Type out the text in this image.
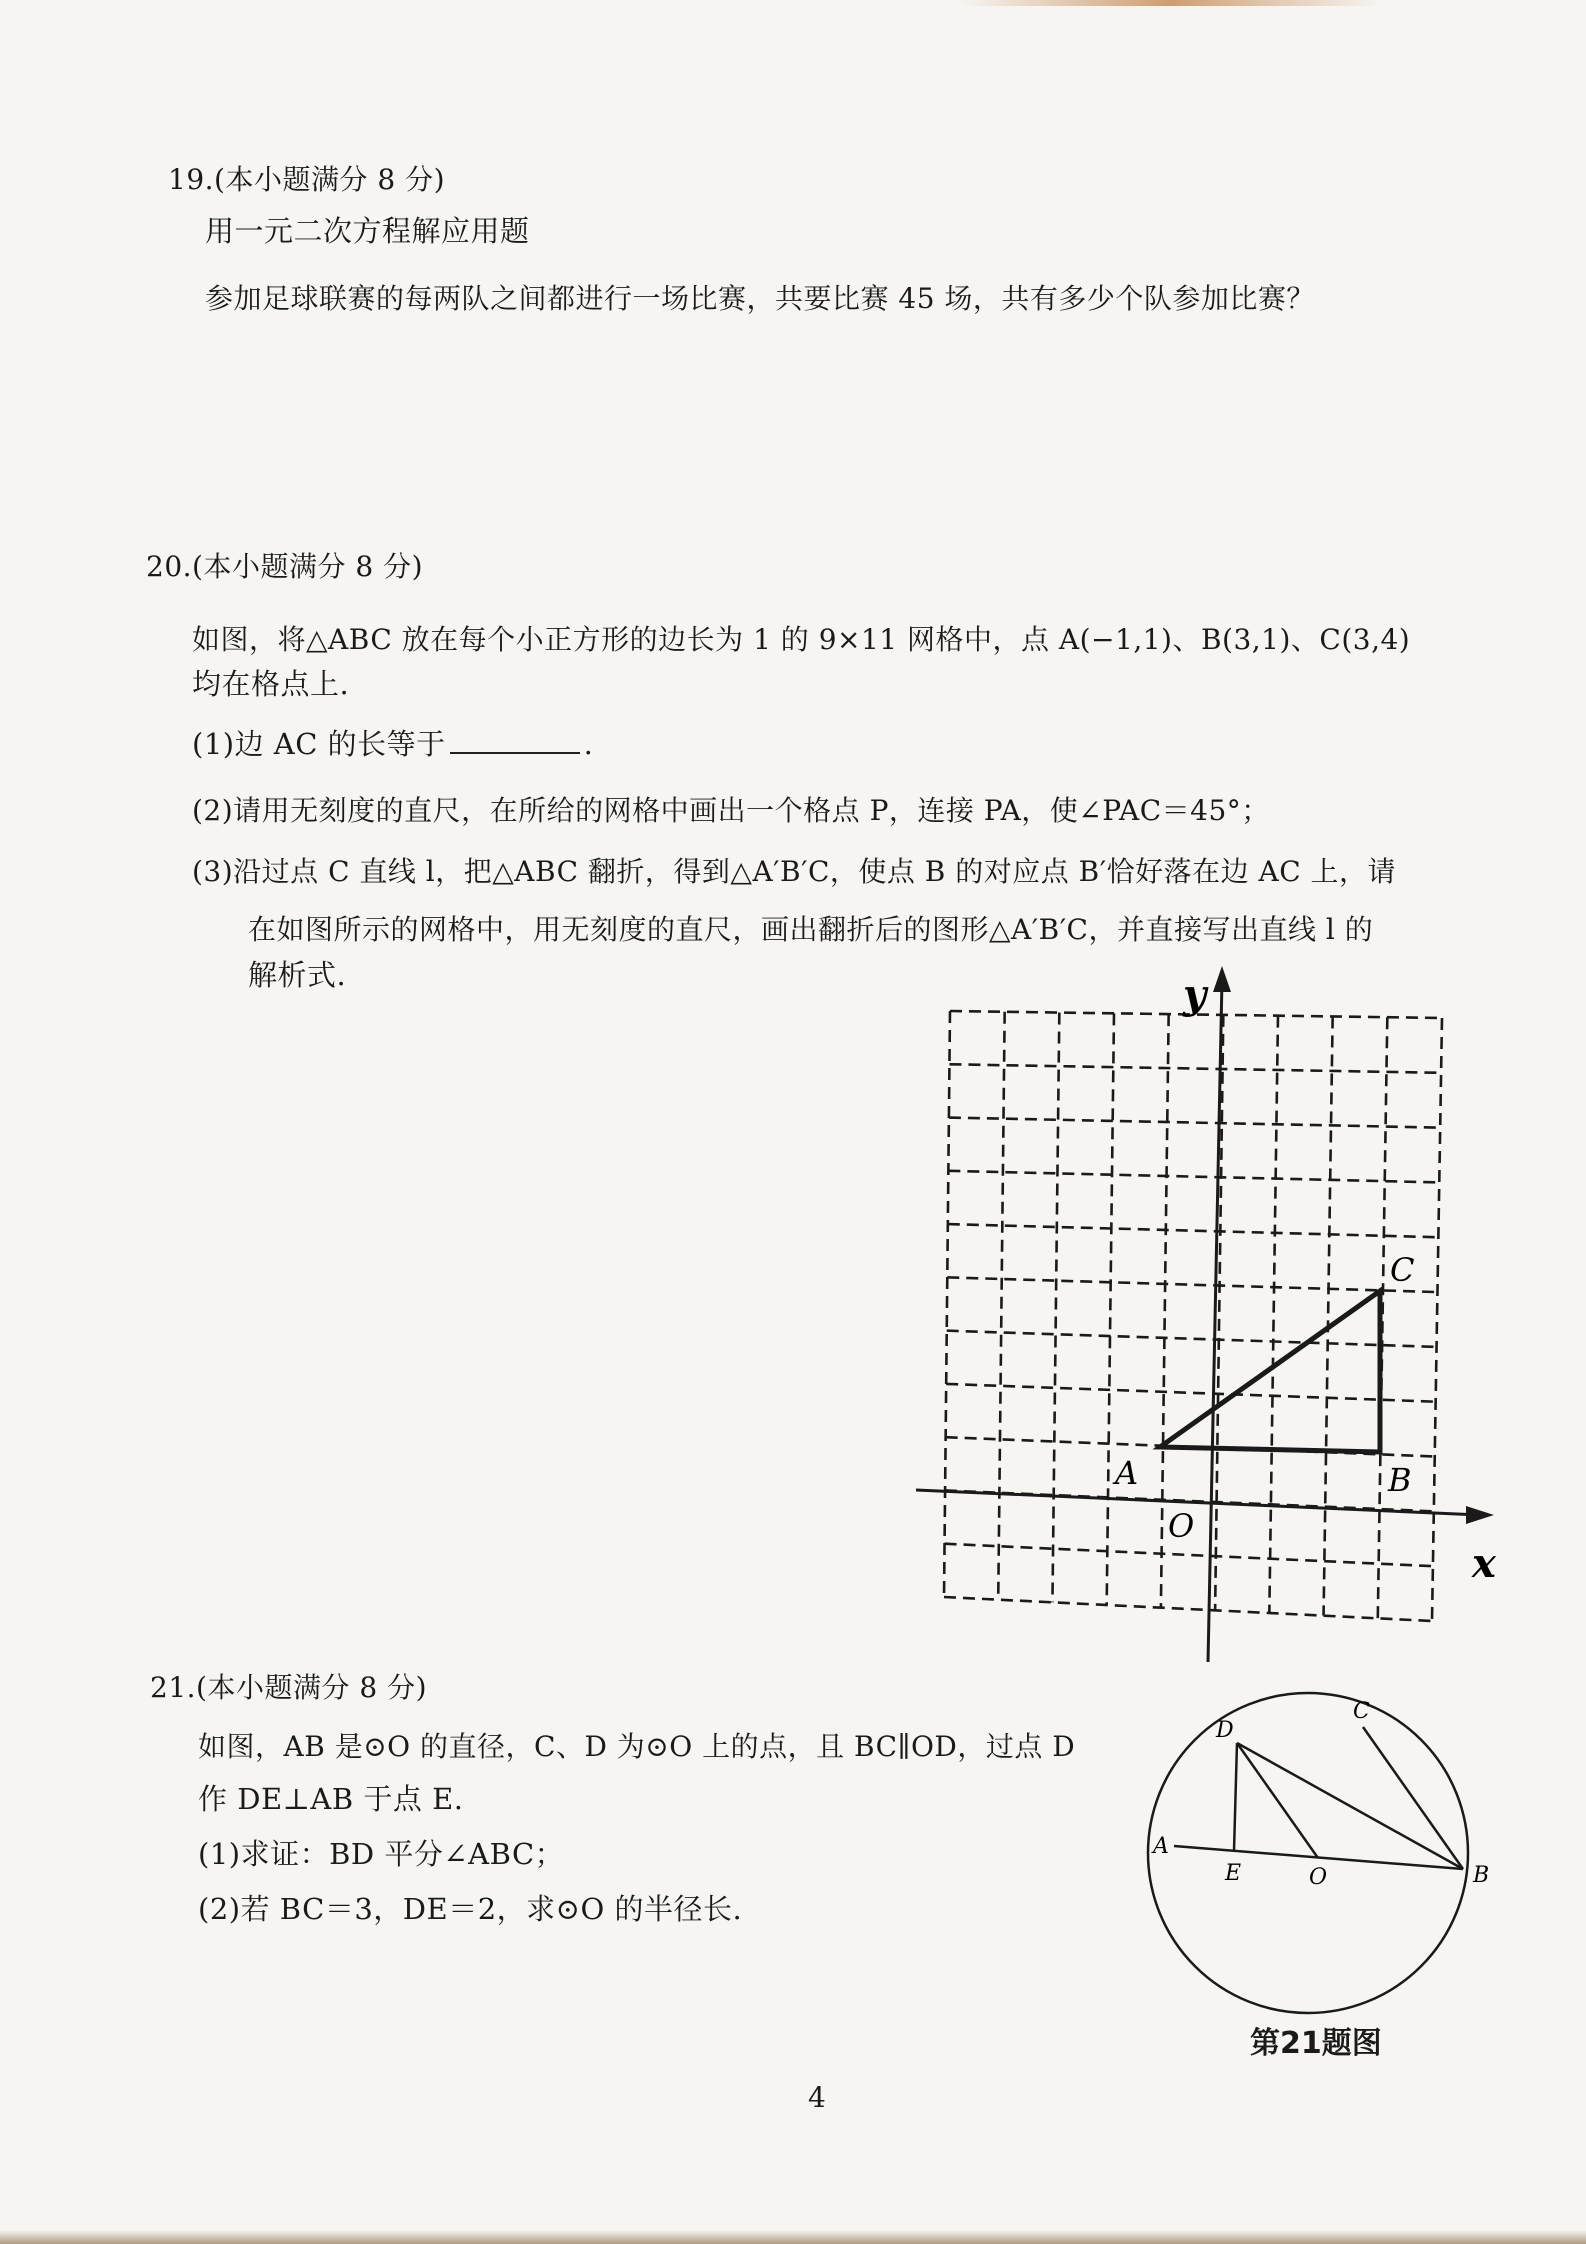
19.(本小题满分 8 分)
用一元二次方程解应用题
参加足球联赛的每两队之间都进行一场比赛，共要比赛 45 场，共有多少个队参加比赛？
20.(本小题满分 8 分)
如图，将△ABC 放在每个小正方形的边长为 1 的 9×11 网格中，点 A(−1,1)、B(3,1)、C(3,4)
均在格点上.
(1)边 AC 的长等于	.
(2)请用无刻度的直尺，在所给的网格中画出一个格点 P，连接 PA，使∠PAC＝45°；
(3)沿过点 C 直线 l，把△ABC 翻折，得到△A′B′C，使点 B 的对应点 B′恰好落在边 AC 上，请
在如图所示的网格中，用无刻度的直尺，画出翻折后的图形△A′B′C，并直接写出直线 l 的
解析式.
x
y
O
A	B
C
D
C
A
E	O	B
21.(本小题满分 8 分)
如图，AB 是⊙O 的直径，C、D 为⊙O 上的点，且 BC∥OD，过点 D
作 DE⊥AB 于点 E.
(1)求证：BD 平分∠ABC；
(2)若 BC＝3，DE＝2，求⊙O 的半径长.
第21题图
4
